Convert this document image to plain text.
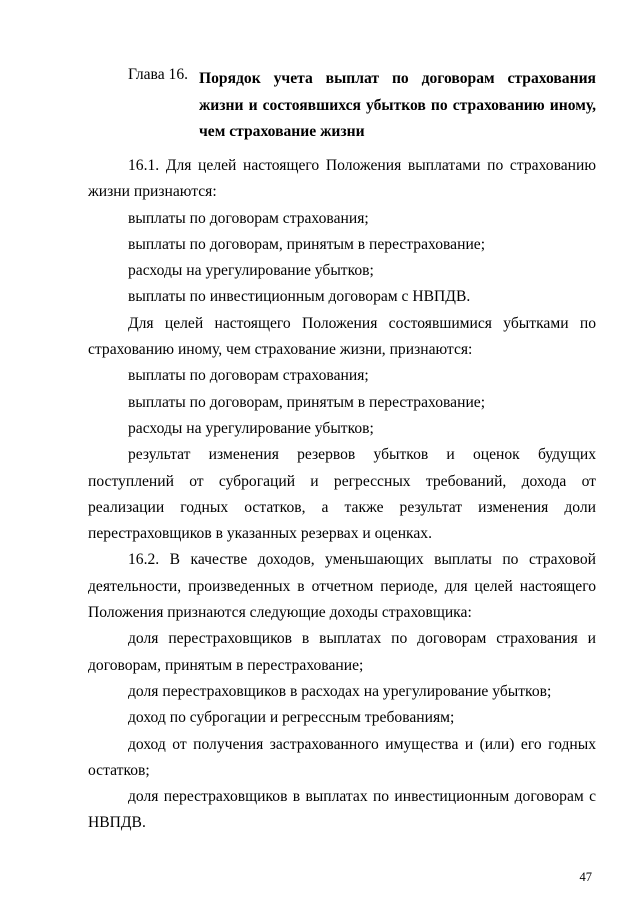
Глава 16. Порядок учета выплат по договорам страхования жизни и состоявшихся убытков по страхованию иному, чем страхование жизни

16.1. Для целей настоящего Положения выплатами по страхованию жизни признаются:

выплаты по договорам страхования;

выплаты по договорам, принятым в перестрахование;

расходы на урегулирование убытков;

выплаты по инвестиционным договорам с НВПДВ.

Для целей настоящего Положения состоявшимися убытками по страхованию иному, чем страхование жизни, признаются:

выплаты по договорам страхования;

выплаты по договорам, принятым в перестрахование;

расходы на урегулирование убытков;

результат изменения резервов убытков и оценок будущих поступлений от суброгаций и регрессных требований, дохода от реализации годных остатков, а также результат изменения доли перестраховщиков в указанных резервах и оценках.

16.2. В качестве доходов, уменьшающих выплаты по страховой деятельности, произведенных в отчетном периоде, для целей настоящего Положения признаются следующие доходы страховщика:

доля перестраховщиков в выплатах по договорам страхования и договорам, принятым в перестрахование;

доля перестраховщиков в расходах на урегулирование убытков;

доход по суброгации и регрессным требованиям;

доход от получения застрахованного имущества и (или) его годных остатков;

доля перестраховщиков в выплатах по инвестиционным договорам с НВПДВ.

47
